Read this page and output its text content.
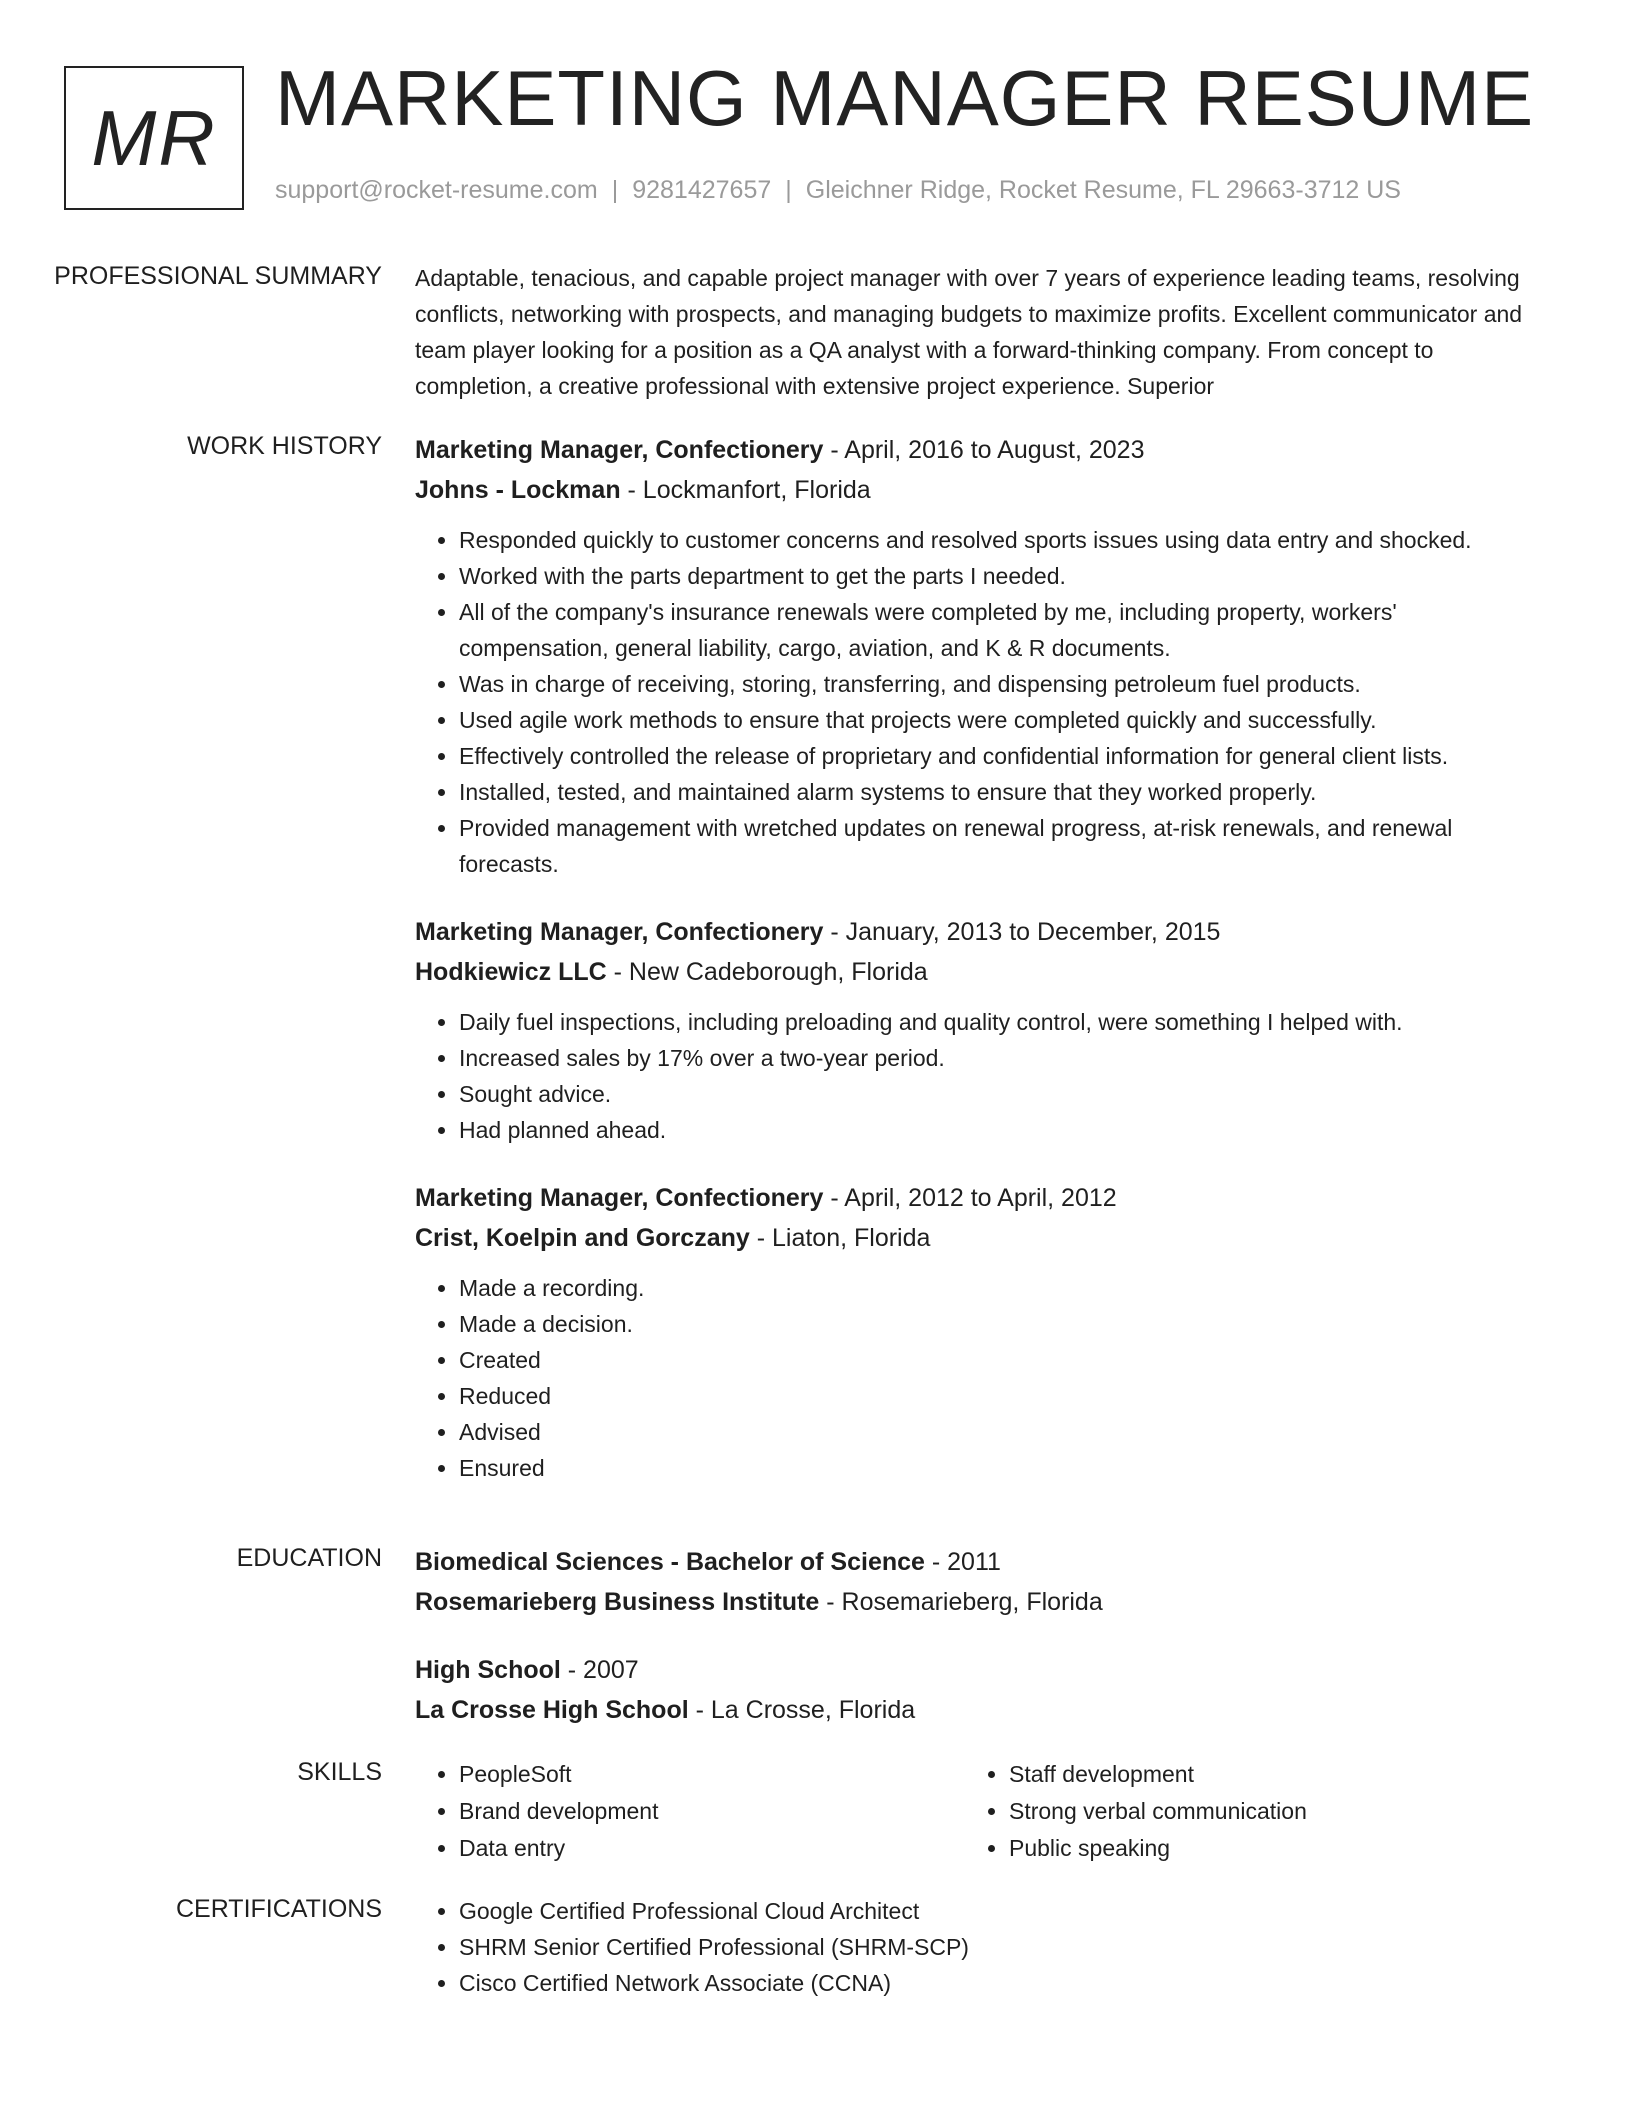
MR MARKETING MANAGER RESUME
support@rocket-resume.com | 9281427657 | Gleichner Ridge, Rocket Resume, FL 29663-3712 US
PROFESSIONAL SUMMARY	Adaptable, tenacious, and capable project manager with over 7 years of experience leading teams, resolving conflicts, networking with prospects, and managing budgets to maximize profits. Excellent communicator and team player looking for a position as a QA analyst with a forward-thinking company. From concept to completion, a creative professional with extensive project experience. Superior

WORK HISTORY	Marketing Manager, Confectionery - April, 2016 to August, 2023
Johns - Lockman - Lockmanfort, Florida
• Responded quickly to customer concerns and resolved sports issues using data entry and shocked.
• Worked with the parts department to get the parts I needed.
• All of the company's insurance renewals were completed by me, including property, workers' compensation, general liability, cargo, aviation, and K & R documents.
• Was in charge of receiving, storing, transferring, and dispensing petroleum fuel products.
• Used agile work methods to ensure that projects were completed quickly and successfully.
• Effectively controlled the release of proprietary and confidential information for general client lists.
• Installed, tested, and maintained alarm systems to ensure that they worked properly.
• Provided management with wretched updates on renewal progress, at-risk renewals, and renewal forecasts.
Marketing Manager, Confectionery - January, 2013 to December, 2015
Hodkiewicz LLC - New Cadeborough, Florida
• Daily fuel inspections, including preloading and quality control, were something I helped with.
• Increased sales by 17% over a two-year period.
• Sought advice.
• Had planned ahead.
Marketing Manager, Confectionery - April, 2012 to April, 2012
Crist, Koelpin and Gorczany - Liaton, Florida
• Made a recording.
• Made a decision.
• Created
• Reduced
• Advised
• Ensured
EDUCATION	Biomedical Sciences - Bachelor of Science - 2011
Rosemarieberg Business Institute - Rosemarieberg, Florida
High School - 2007
La Crosse High School - La Crosse, Florida
SKILLS	• PeopleSoft
• Brand development
• Data entry
• Staff development
• Strong verbal communication
• Public speaking
CERTIFICATIONS	• Google Certified Professional Cloud Architect
• SHRM Senior Certified Professional (SHRM-SCP)
• Cisco Certified Network Associate (CCNA)
